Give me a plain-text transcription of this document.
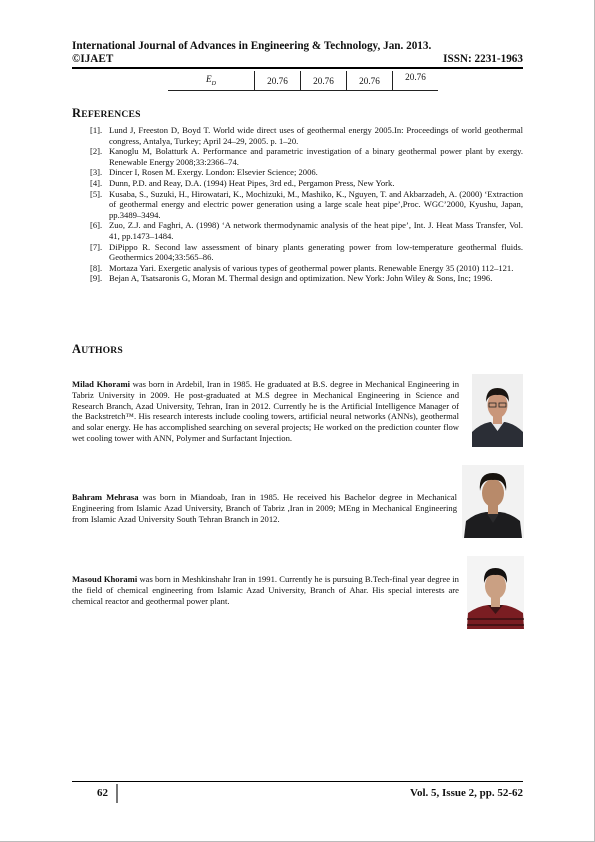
International Journal of Advances in Engineering & Technology, Jan. 2013.
©IJAET	ISSN: 2231-1963
$E_D$	20.76	20.76	20.76	20.76
REFERENCES
[1]. Lund J, Freeston D, Boyd T. World wide direct uses of geothermal energy 2005.In: Proceedings of world geothermal congress, Antalya, Turkey; April 24–29, 2005. p. 1–20.
[2]. Kanoglu M, Bolatturk A. Performance and parametric investigation of a binary geothermal power plant by exergy. Renewable Energy 2008;33:2366–74.
[3]. Dincer I, Rosen M. Exergy. London: Elsevier Science; 2006.
[4]. Dunn, P.D. and Reay, D.A. (1994) Heat Pipes, 3rd ed., Pergamon Press, New York.
[5]. Kusaba, S., Suzuki, H., Hirowatari, K., Mochizuki, M., Mashiko, K., Nguyen, T. and Akbarzadeh, A. (2000) ‘Extraction of geothermal energy and electric power generation using a large scale heat pipe’,Proc. WGC’2000, Kyushu, Japan, pp.3489–3494.
[6]. Zuo, Z.J. and Faghri, A. (1998) ‘A network thermodynamic analysis of the heat pipe’, Int. J. Heat Mass Transfer, Vol. 41, pp.1473–1484.
[7]. DiPippo R. Second law assessment of binary plants generating power from low-temperature geothermal fluids. Geothermics 2004;33:565–86.
[8]. Mortaza Yari. Exergetic analysis of various types of geothermal power plants. Renewable Energy 35 (2010) 112–121.
[9]. Bejan A, Tsatsaronis G, Moran M. Thermal design and optimization. New York: John Wiley & Sons, Inc; 1996.
AUTHORS
Milad Khorami was born in Ardebil, Iran in 1985. He graduated at B.S. degree in Mechanical Engineering in Tabriz University in 2009. He post-graduated at M.S degree in Mechanical Engineering in Science and Research Branch, Azad University, Tehran, Iran in 2012. Currently he is the Artificial Intelligence Manager of the Backstretch™. His research interests include cooling towers, artificial neural networks (ANNs), geothermal and solar energy. He has accomplished searching on several projects; He worked on the prediction counter flow wet cooling tower with ANN, Polymer and Surfactant Injection.
Bahram Mehrasa was born in Miandoab, Iran in 1985. He received his Bachelor degree in Mechanical Engineering from Islamic Azad University, Branch of Tabriz ,Iran in 2009; MEng in Mechanical Engineering from Islamic Azad University South Tehran Branch in 2012.
Masoud Khorami was born in Meshkinshahr Iran in 1991. Currently he is pursuing B.Tech-final year degree in the field of chemical engineering from Islamic Azad University, Branch of Ahar. His special interests are chemical reactor and geothermal power plant.
62	Vol. 5, Issue 2, pp. 52-62
